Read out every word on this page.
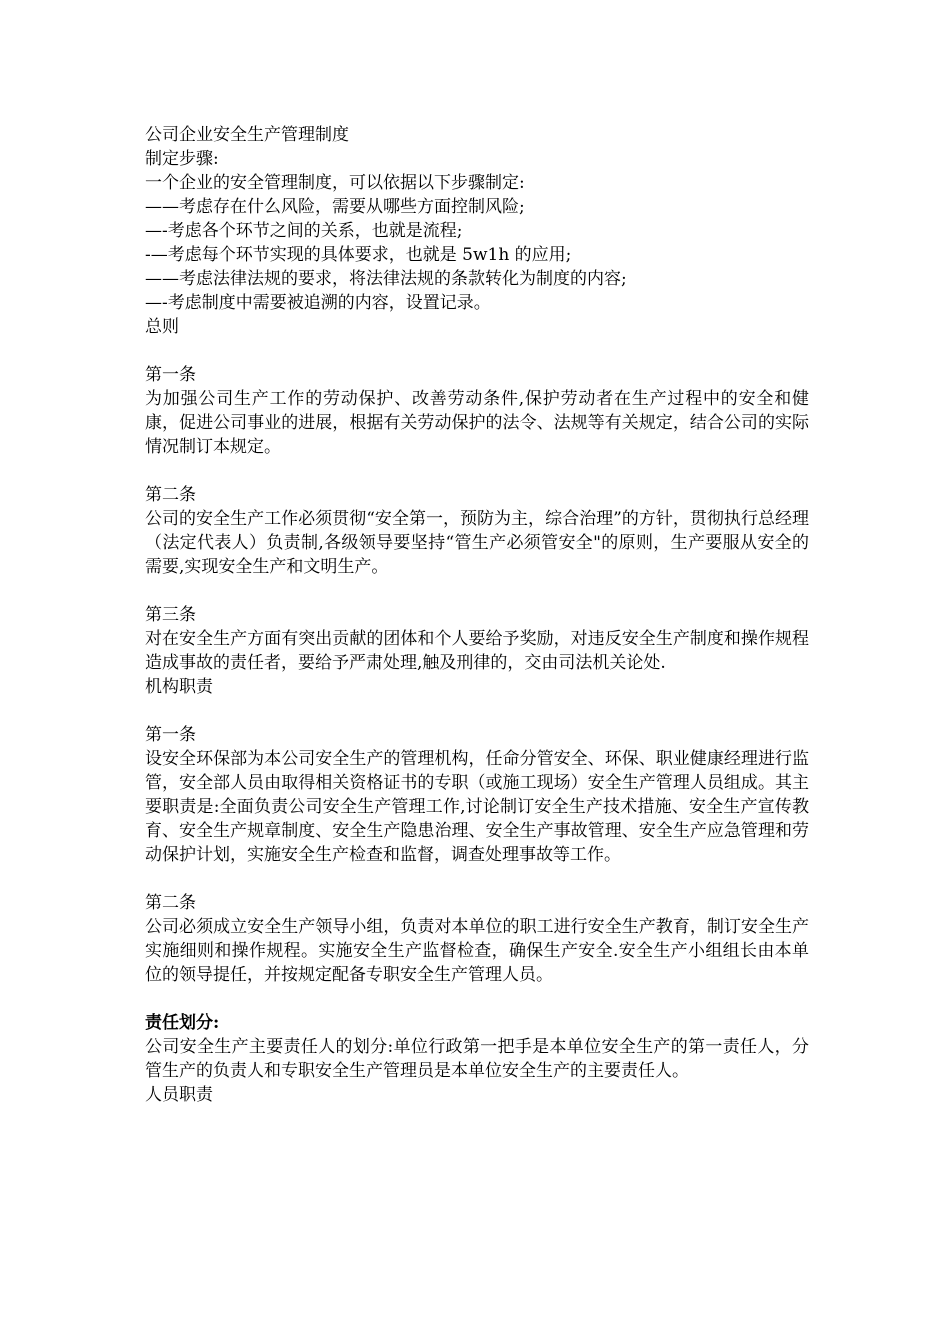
公司企业安全生产管理制度

制定步骤:

一个企业的安全管理制度，可以依据以下步骤制定:

——考虑存在什么风险，需要从哪些方面控制风险;

—-考虑各个环节之间的关系，也就是流程;

-—考虑每个环节实现的具体要求，也就是 5w1h 的应用;

——考虑法律法规的要求，将法律法规的条款转化为制度的内容;

—-考虑制度中需要被追溯的内容，设置记录。

总则

第一条

为加强公司生产工作的劳动保护、改善劳动条件,保护劳动者在生产过程中的安全和健康，促进公司事业的进展，根据有关劳动保护的法令、法规等有关规定，结合公司的实际情况制订本规定。

第二条

公司的安全生产工作必须贯彻“安全第一，预防为主，综合治理”的方针，贯彻执行总经理（法定代表人）负责制,各级领导要坚持“管生产必须管安全"的原则，生产要服从安全的需要,实现安全生产和文明生产。

第三条

对在安全生产方面有突出贡献的团体和个人要给予奖励，对违反安全生产制度和操作规程造成事故的责任者，要给予严肃处理,触及刑律的，交由司法机关论处.

机构职责

第一条

设安全环保部为本公司安全生产的管理机构，任命分管安全、环保、职业健康经理进行监管，安全部人员由取得相关资格证书的专职（或施工现场）安全生产管理人员组成。其主要职责是:全面负责公司安全生产管理工作,讨论制订安全生产技术措施、安全生产宣传教育、安全生产规章制度、安全生产隐患治理、安全生产事故管理、安全生产应急管理和劳动保护计划，实施安全生产检查和监督，调查处理事故等工作。

第二条

公司必须成立安全生产领导小组，负责对本单位的职工进行安全生产教育，制订安全生产实施细则和操作规程。实施安全生产监督检查，确保生产安全.安全生产小组组长由本单位的领导提任，并按规定配备专职安全生产管理人员。

责任划分:

公司安全生产主要责任人的划分:单位行政第一把手是本单位安全生产的第一责任人，分管生产的负责人和专职安全生产管理员是本单位安全生产的主要责任人。

人员职责
